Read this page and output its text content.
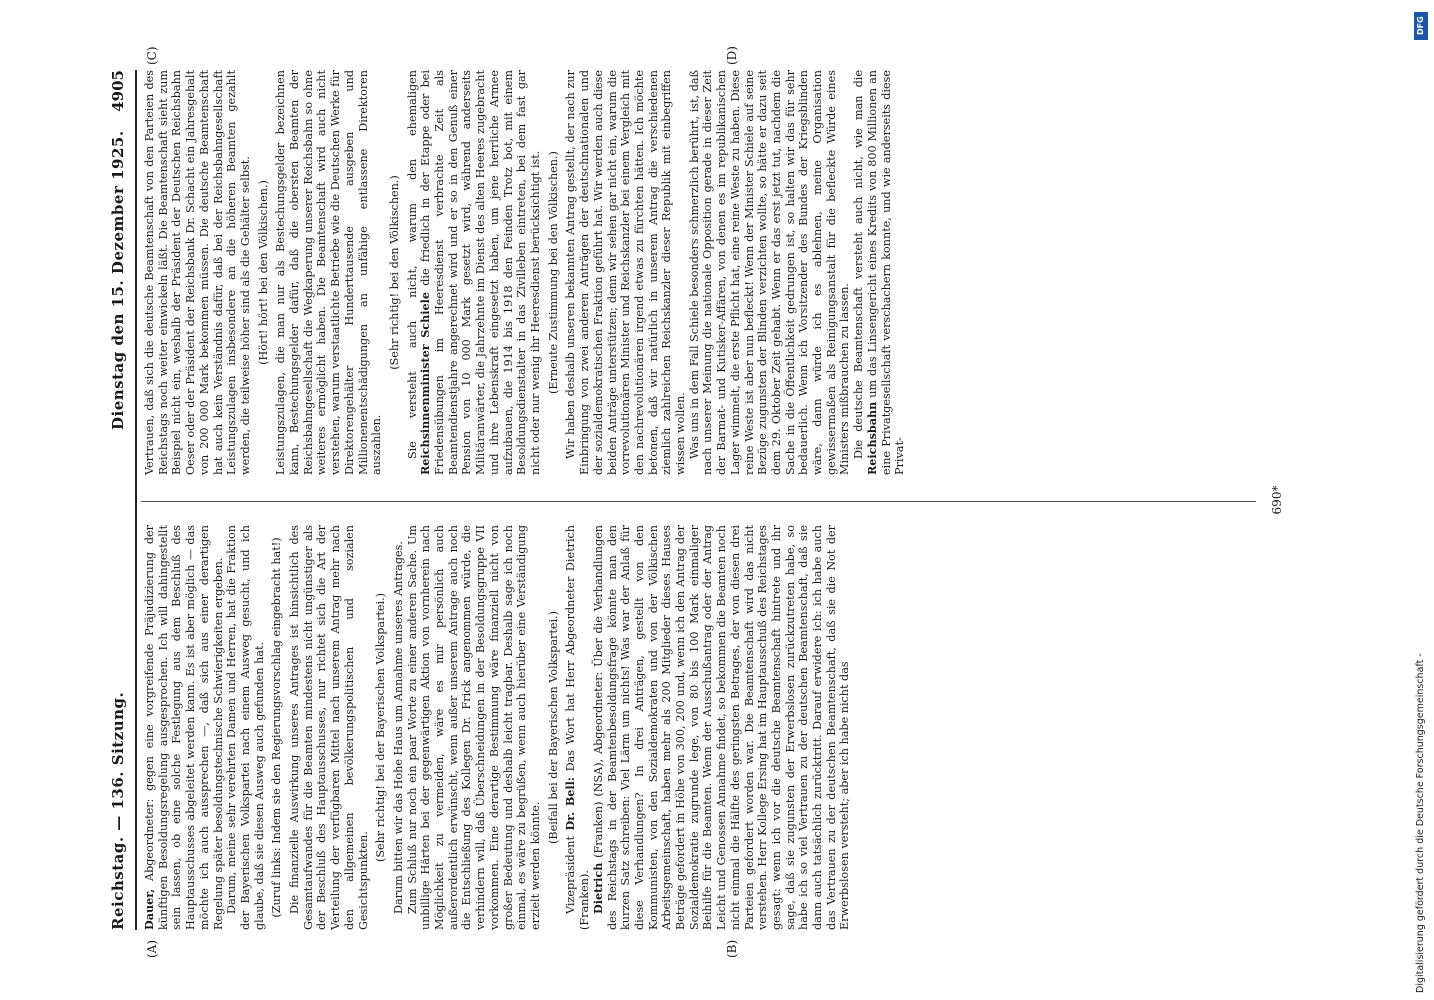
Reichstag. — 136. Sitzung.
Dienstag den 15. Dezember 1925.
4905

Dauer, Abgeordneter: gegen eine vorgreifende Präjudizierung der künftigen Besoldungsregelung ausgesprochen. Ich will dahingestellt sein lassen, ob eine solche Festlegung aus dem Beschluß des Hauptausschusses abgeleitet werden kann. Es ist aber möglich — das möchte ich auch aussprechen —, daß sich aus einer derartigen Regelung später besoldungstechnische Schwierigkeiten ergeben. Darum, meine sehr verehrten Damen und Herren, hat die Fraktion der Bayerischen Volkspartei nach einem Ausweg gesucht, und ich glaube, daß sie diesen Ausweg auch gefunden hat. (Zuruf links: Indem sie den Regierungsvorschlag eingebracht hat!) Die finanzielle Auswirkung unseres Antrages ist hinsichtlich des Gesamtaufwandes für die Beamten mindestens nicht ungünstiger als der Beschluß des Hauptausschusses, nur richtet sich die Art der Verteilung der verfügbaren Mittel nach unserem Antrag mehr nach den allgemeinen bevölkerungspolitischen und sozialen Gesichtspunkten.

(Sehr richtig! bei der Bayerischen Volkspartei.) Darum bitten wir das Hohe Haus um Annahme unseres Antrages. Zum Schluß nur noch ein paar Worte zu einer anderen Sache. Um unbillige Härten bei der gegenwärtigen Aktion von vornherein nach Möglichkeit zu vermeiden, wäre es mir persönlich auch außerordentlich erwünscht, wenn außer unserem Antrage auch noch die Entschließung des Kollegen Dr. Frick angenommen würde, die verhindern will, daß Überschneidungen in der Besoldungsgruppe VII vorkommen. Eine derartige Bestimmung wäre finanziell nicht von großer Bedeutung und deshalb leicht tragbar. Deshalb sage ich noch einmal, es wäre zu begrüßen, wenn auch hierüber eine Verständigung erzielt werden könnte.

(Beifall bei der Bayerischen Volkspartei.)

Vizepräsident Dr. Bell: Das Wort hat Herr Abgeordneter Dietrich (Franken). Dietrich (Franken) (NSA), Abgeordneter: Über die Verhandlungen des Reichstags in der Beamtenbesoldungsfrage könnte man den kurzen Satz schreiben: Viel Lärm um nichts! Was war der Anlaß für diese Verhandlungen? In drei Anträgen, gestellt von den Kommunisten, von den Sozialdemokraten und von der Völkischen Arbeitsgemeinschaft, haben mehr als 200 Mitglieder dieses Hauses Beträge gefordert in Höhe von 300, 200 und, wenn ich den Antrag der Sozialdemokratie zugrunde lege, von 80 bis 100 Mark einmaliger Beihilfe für die Beamten. Wenn der Ausschußantrag oder der Antrag Leicht und Genossen Annahme findet, so bekommen die Beamten noch nicht einmal die Hälfte des geringsten Betrages, der von diesen drei Parteien gefordert worden war. Die Beamtenschaft wird das nicht verstehen. Herr Kollege Ersing hat im Hauptausschuß des Reichstages gesagt: wenn ich vor die deutsche Beamtenschaft hintrete und ihr sage, daß sie zugunsten der Erwerbslosen zurückzutreten habe, so habe ich so viel Vertrauen zu der deutschen Beamtenschaft, daß sie dann auch tatsächlich zurücktritt. Darauf erwidere ich: ich habe auch das Vertrauen zu der deutschen Beamtenschaft, daß sie die Not der Erwerbslosen versteht; aber ich habe nicht das

Vertrauen, daß sich die deutsche Beamtenschaft von den Parteien des Reichstags noch weiter einwickeln läßt. Die Beamtenschaft sieht zum Beispiel nicht ein, weshalb der Präsident der Deutschen Reichsbahn Oeser oder der Präsident der Reichsbank Dr. Schacht ein Jahresgehalt von 200 000 Mark bekommen müssen. Die deutsche Beamtenschaft hat auch kein Verständnis dafür, daß bei der Reichsbahngesellschaft Leistungszulagen insbesondere an die höheren Beamten gezahlt werden, die teilweise höher sind als die Gehälter selbst. (Hört! hört! bei den Völkischen.) Leistungszulagen, die man nur als Bestechungsgelder bezeichnen kann, Bestechungsgelder dafür, daß die obersten Beamten der Reichsbahngesellschaft die Wegkaperung unserer Reichsbahn so ohne weiteres ermöglicht haben. Die Beamtenschaft wird auch nicht verstehen, warum verstaatlichte Betriebe wie die Deutschen Werke für Direktorengehälter Hunderttausende ausgeben und Millionenentschädigungen an unfähige entlassene Direktoren auszahlen.

(Sehr richtig! bei den Völkischen.) Sie versteht auch nicht, warum den ehemaligen Reichsinnenminister Schiele die friedlich in der Etappe oder bei Friedensübungen im Heeresdienst verbrachte Zeit als Beamtendienstjahre angerechnet wird und er so in den Genuß einer Pension von 10 000 Mark gesetzt wird, während anderseits Militäranwärter, die Jahrzehnte im Dienst des alten Heeres zugebracht und ihre Lebenskraft eingesetzt haben, um jene herrliche Armee aufzubauen, die 1914 bis 1918 den Feinden Trotz bot, mit einem Besoldungsdienstalter in das Zivilleben eintreten, bei dem fast gar nicht oder nur wenig ihr Heeresdienst berücksichtigt ist. (Erneute Zustimmung bei den Völkischen.) Wir haben deshalb unseren bekannten Antrag gestellt, der nach zur Einbringung von zwei anderen Anträgen der deutschnationalen und der sozialdemokratischen Fraktion geführt hat. Wir werden auch diese beiden Anträge unterstützen; denn wir sehen gar nicht ein, warum die vorrevolutionären Minister und Reichskanzler bei einem Vergleich mit den nachrevolutionären irgend etwas zu fürchten hätten. Ich möchte betonen, daß wir natürlich in unserem Antrag die verschiedenen ziemlich zahlreichen Reichskanzler dieser Republik mit einbegriffen wissen wollen. Was uns in dem Fall Schiele besonders schmerzlich berührt, ist, daß nach unserer Meinung die nationale Opposition gerade in dieser Zeit der Barmat- und Kutisker-Affären, von denen es im republikanischen Lager wimmelt, die erste Pflicht hat, eine reine Weste zu haben. Diese reine Weste ist aber nun befleckt! Wenn der Minister Schiele auf seine Bezüge zugunsten der Blinden verzichten wollte, so hätte er dazu seit dem 29. Oktober Zeit gehabt. Wenn er das erst jetzt tut, nachdem die Sache in die Öffentlichkeit gedrungen ist, so halten wir das für sehr bedauerlich. Wenn ich Vorsitzender des Bundes der Kriegsblinden wäre, dann würde ich es ablehnen, meine Organisation gewissermaßen als Reinigungsanstalt für die befleckte Würde eines Ministers mißbrauchen zu lassen. Die deutsche Beamtenschaft versteht auch nicht, wie man die Reichsbahn um das Linsengericht eines Kredits von 800 Millionen an eine Privatgesellschaft verschachern konnte, und wie anderseits diese Privat-

(A)	(B)
(C)	(D)
690*
Digitalisierung gefördert durch die Deutsche Forschungsgemeinschaft -
DFG
